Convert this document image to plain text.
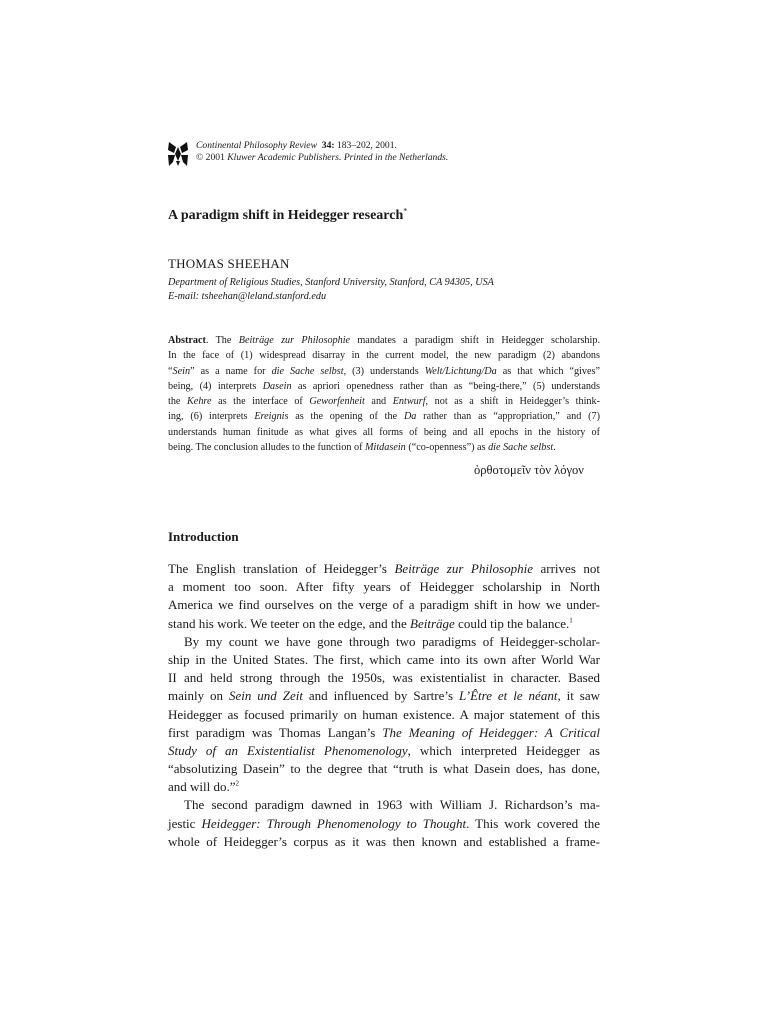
Continental Philosophy Review 34: 183–202, 2001.
© 2001 Kluwer Academic Publishers. Printed in the Netherlands.
A paradigm shift in Heidegger research*
THOMAS SHEEHAN
Department of Religious Studies, Stanford University, Stanford, CA 94305, USA
E-mail: tsheehan@leland.stanford.edu
Abstract. The Beiträge zur Philosophie mandates a paradigm shift in Heidegger scholarship.
In the face of (1) widespread disarray in the current model, the new paradigm (2) abandons
“Sein” as a name for die Sache selbst, (3) understands Welt/Lichtung/Da as that which “gives”
being, (4) interprets Dasein as apriori openedness rather than as “being-there,” (5) understands
the Kehre as the interface of Geworfenheit and Entwurf, not as a shift in Heidegger’s think-
ing, (6) interprets Ereignis as the opening of the Da rather than as “appropriation,” and (7)
understands human finitude as what gives all forms of being and all epochs in the history of
being. The conclusion alludes to the function of Mitdasein (“co-openness”) as die Sache selbst.
ὀρθοτομεῖν τὸν λόγον
Introduction
The English translation of Heidegger’s Beiträge zur Philosophie arrives not
a moment too soon. After fifty years of Heidegger scholarship in North
America we find ourselves on the verge of a paradigm shift in how we under-
stand his work. We teeter on the edge, and the Beiträge could tip the balance.$^1$
By my count we have gone through two paradigms of Heidegger-scholar-
ship in the United States. The first, which came into its own after World War
II and held strong through the 1950s, was existentialist in character. Based
mainly on Sein und Zeit and influenced by Sartre’s L’Être et le néant, it saw
Heidegger as focused primarily on human existence. A major statement of this
first paradigm was Thomas Langan’s The Meaning of Heidegger: A Critical
Study of an Existentialist Phenomenology, which interpreted Heidegger as
“absolutizing Dasein” to the degree that “truth is what Dasein does, has done,
and will do.”$^2$
The second paradigm dawned in 1963 with William J. Richardson’s ma-
jestic Heidegger: Through Phenomenology to Thought. This work covered the
whole of Heidegger’s corpus as it was then known and established a frame-
